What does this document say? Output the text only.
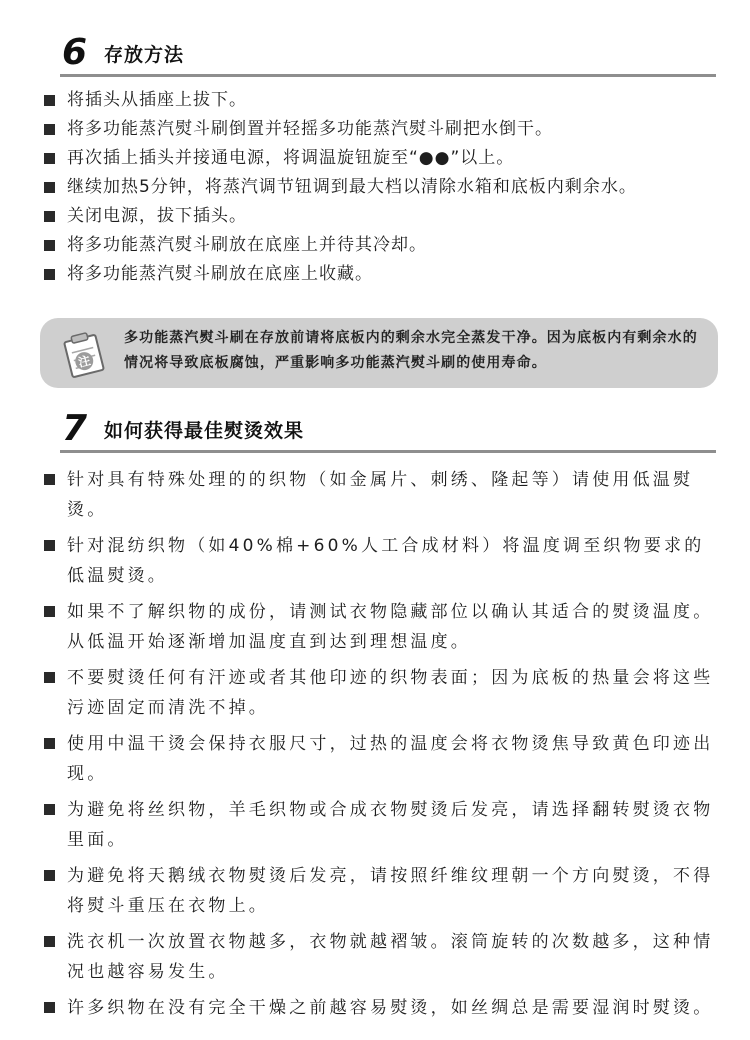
6 存放方法
将插头从插座上拔下。
将多功能蒸汽熨斗刷倒置并轻摇多功能蒸汽熨斗刷把水倒干。
再次插上插头并接通电源，将调温旋钮旋至“●●”以上。
继续加热5分钟，将蒸汽调节钮调到最大档以清除水箱和底板内剩余水。
关闭电源，拔下插头。
将多功能蒸汽熨斗刷放在底座上并待其冷却。
将多功能蒸汽熨斗刷放在底座上收藏。
注
多功能蒸汽熨斗刷在存放前请将底板内的剩余水完全蒸发干净。因为底板内有剩余水的情况将导致底板腐蚀，严重影响多功能蒸汽熨斗刷的使用寿命。
7 如何获得最佳熨烫效果
针对具有特殊处理的的织物（如金属片、刺绣、隆起等）请使用低温熨烫。
针对混纺织物（如40%棉+60%人工合成材料）将温度调至织物要求的低温熨烫。
如果不了解织物的成份，请测试衣物隐藏部位以确认其适合的熨烫温度。从低温开始逐渐增加温度直到达到理想温度。
不要熨烫任何有汗迹或者其他印迹的织物表面；因为底板的热量会将这些污迹固定而清洗不掉。
使用中温干烫会保持衣服尺寸，过热的温度会将衣物烫焦导致黄色印迹出现。
为避免将丝织物，羊毛织物或合成衣物熨烫后发亮，请选择翻转熨烫衣物里面。
为避免将天鹅绒衣物熨烫后发亮，请按照纤维纹理朝一个方向熨烫，不得将熨斗重压在衣物上。
洗衣机一次放置衣物越多，衣物就越褶皱。滚筒旋转的次数越多，这种情况也越容易发生。
许多织物在没有完全干燥之前越容易熨烫，如丝绸总是需要湿润时熨烫。
